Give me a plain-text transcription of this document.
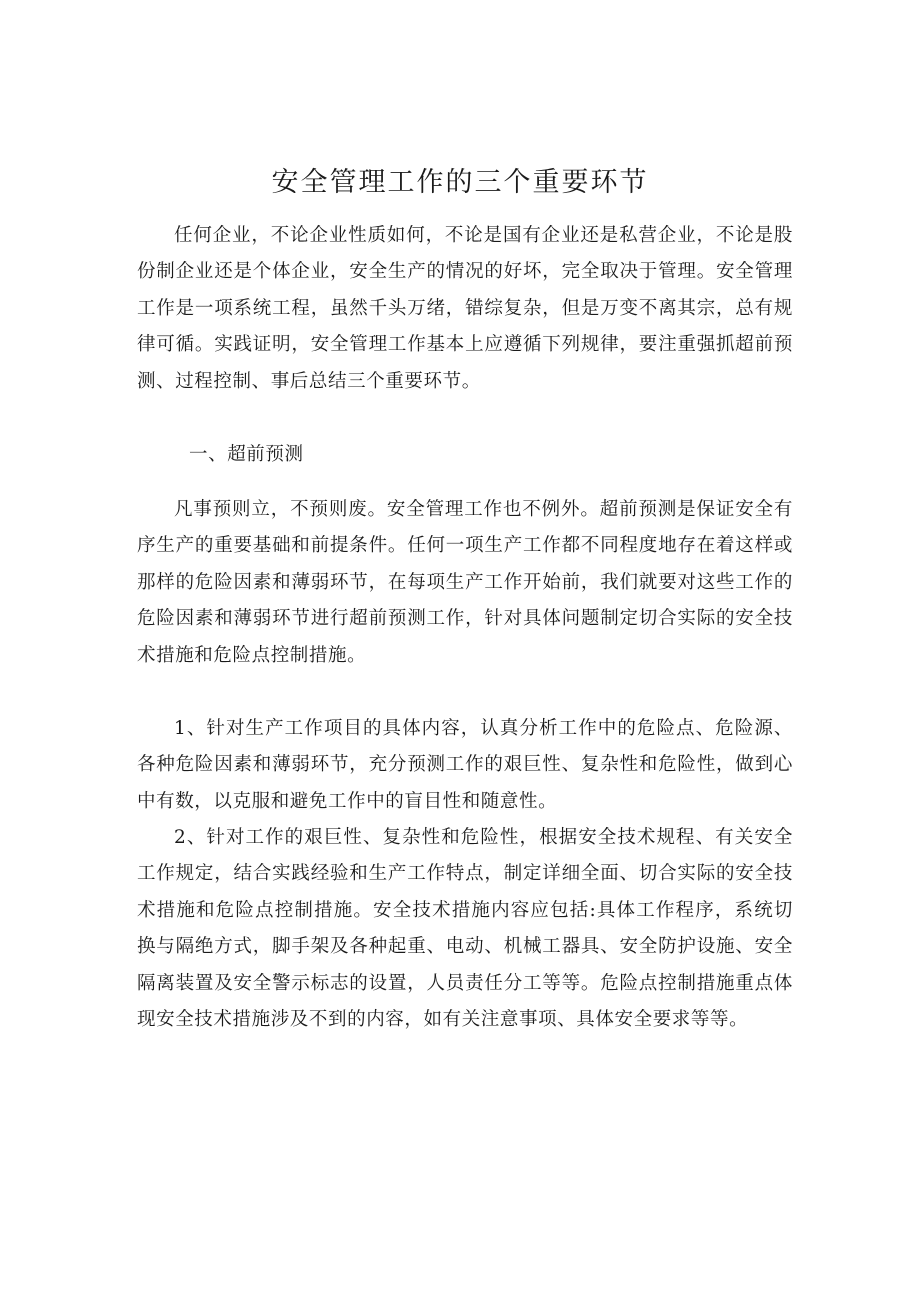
安全管理工作的三个重要环节

任何企业，不论企业性质如何，不论是国有企业还是私营企业，不论是股份制企业还是个体企业，安全生产的情况的好坏，完全取决于管理。安全管理工作是一项系统工程，虽然千头万绪，错综复杂，但是万变不离其宗，总有规律可循。实践证明，安全管理工作基本上应遵循下列规律，要注重强抓超前预测、过程控制、事后总结三个重要环节。

一、超前预测

凡事预则立，不预则废。安全管理工作也不例外。超前预测是保证安全有序生产的重要基础和前提条件。任何一项生产工作都不同程度地存在着这样或那样的危险因素和薄弱环节，在每项生产工作开始前，我们就要对这些工作的危险因素和薄弱环节进行超前预测工作，针对具体问题制定切合实际的安全技术措施和危险点控制措施。

1、针对生产工作项目的具体内容，认真分析工作中的危险点、危险源、各种危险因素和薄弱环节，充分预测工作的艰巨性、复杂性和危险性，做到心中有数，以克服和避免工作中的盲目性和随意性。

2、针对工作的艰巨性、复杂性和危险性，根据安全技术规程、有关安全工作规定，结合实践经验和生产工作特点，制定详细全面、切合实际的安全技术措施和危险点控制措施。安全技术措施内容应包括:具体工作程序，系统切换与隔绝方式，脚手架及各种起重、电动、机械工器具、安全防护设施、安全隔离装置及安全警示标志的设置，人员责任分工等等。危险点控制措施重点体现安全技术措施涉及不到的内容，如有关注意事项、具体安全要求等等。
